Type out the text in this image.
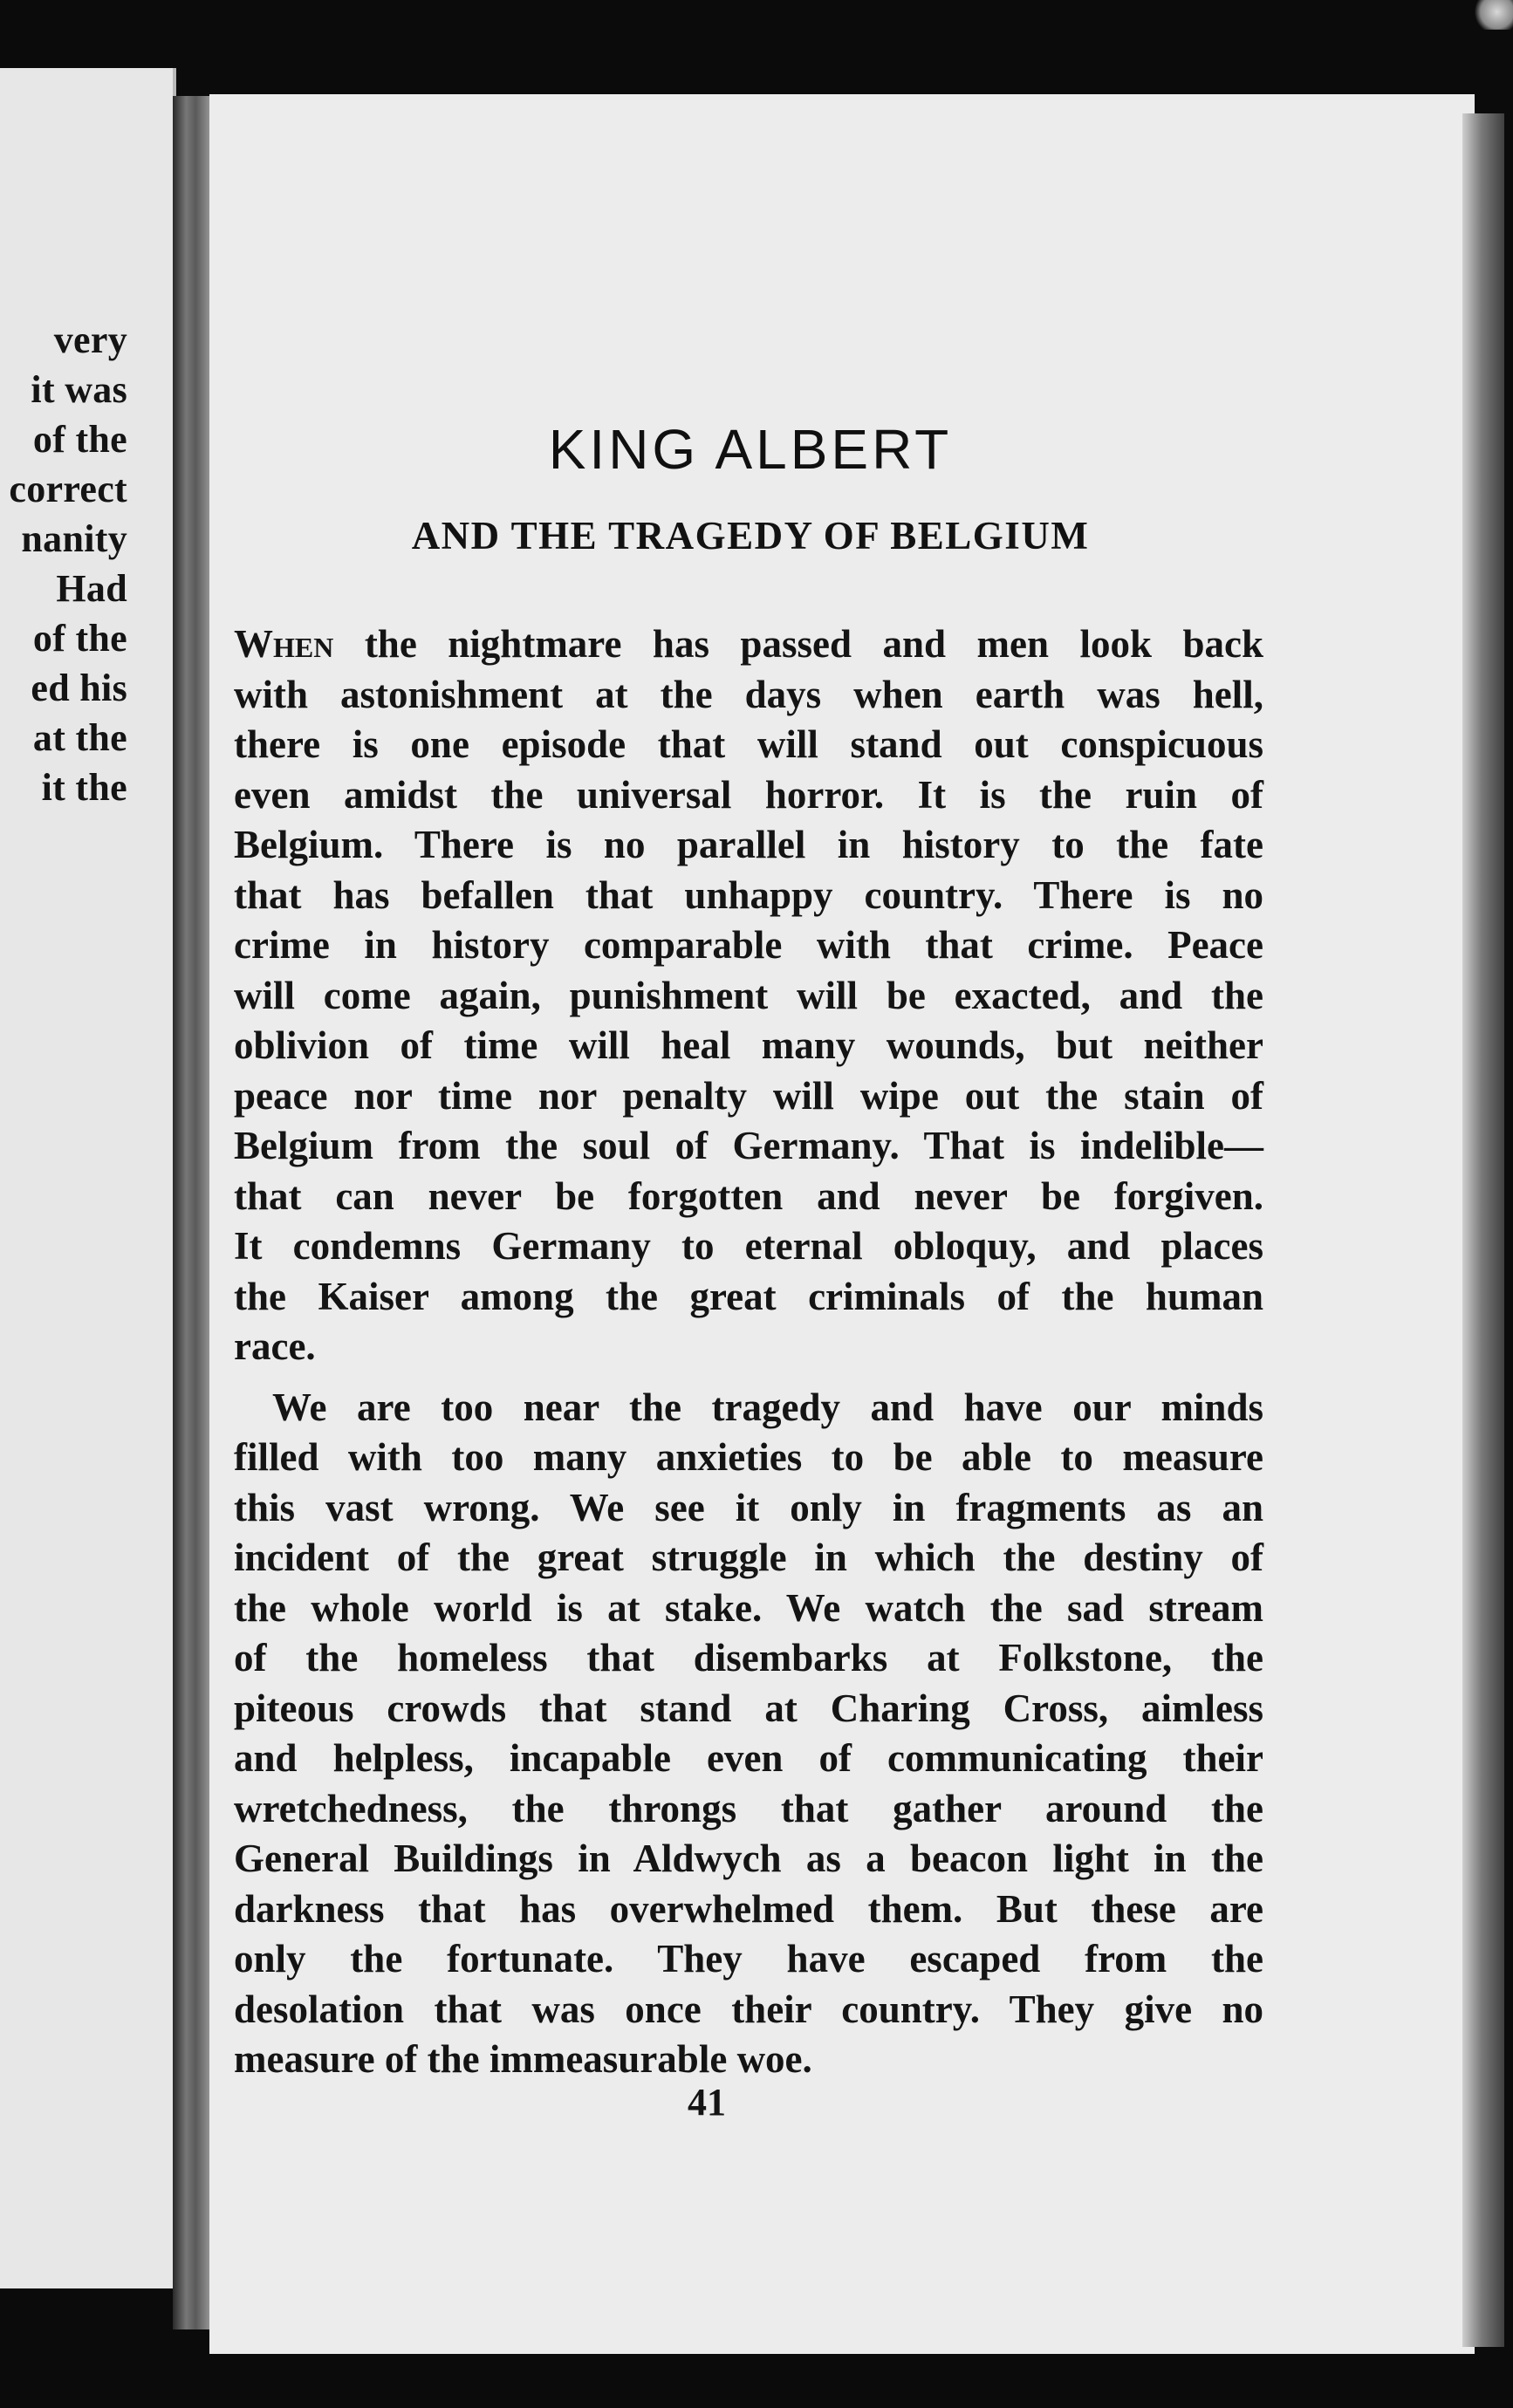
very
it was
of the
correct
nanity
Had
of the
ed his
at the
it the
KING ALBERT
AND THE TRAGEDY OF BELGIUM

When the nightmare has passed and men look back
with astonishment at the days when earth was hell,
there is one episode that will stand out conspicuous
even amidst the universal horror. It is the ruin of
Belgium. There is no parallel in history to the fate
that has befallen that unhappy country. There is no
crime in history comparable with that crime. Peace
will come again, punishment will be exacted, and the
oblivion of time will heal many wounds, but neither
peace nor time nor penalty will wipe out the stain of
Belgium from the soul of Germany. That is indelible—
that can never be forgotten and never be forgiven.
It condemns Germany to eternal obloquy, and places
the Kaiser among the great criminals of the human
race.

We are too near the tragedy and have our minds
filled with too many anxieties to be able to measure
this vast wrong. We see it only in fragments as an
incident of the great struggle in which the destiny of
the whole world is at stake. We watch the sad stream
of the homeless that disembarks at Folkstone, the
piteous crowds that stand at Charing Cross, aimless
and helpless, incapable even of communicating their
wretchedness, the throngs that gather around the
General Buildings in Aldwych as a beacon light in the
darkness that has overwhelmed them. But these are
only the fortunate. They have escaped from the
desolation that was once their country. They give no
measure of the immeasurable woe.

41
